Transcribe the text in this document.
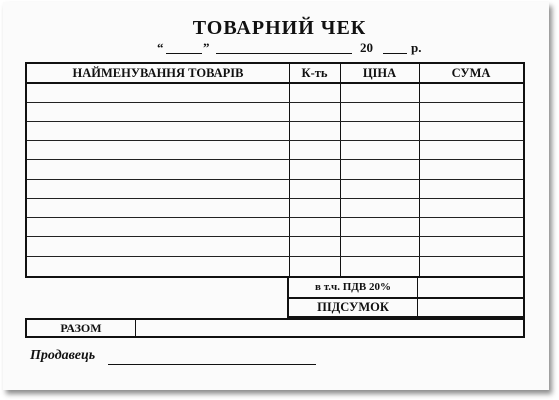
ТОВАРНИЙ ЧЕК
“	”	20	р.
НАЙМЕНУВАННЯ ТОВАРІВ	К-ть	ЦІНА	СУМА
в т.ч. ПДВ 20%
ПІДСУМОК
РАЗОМ
Продавець
